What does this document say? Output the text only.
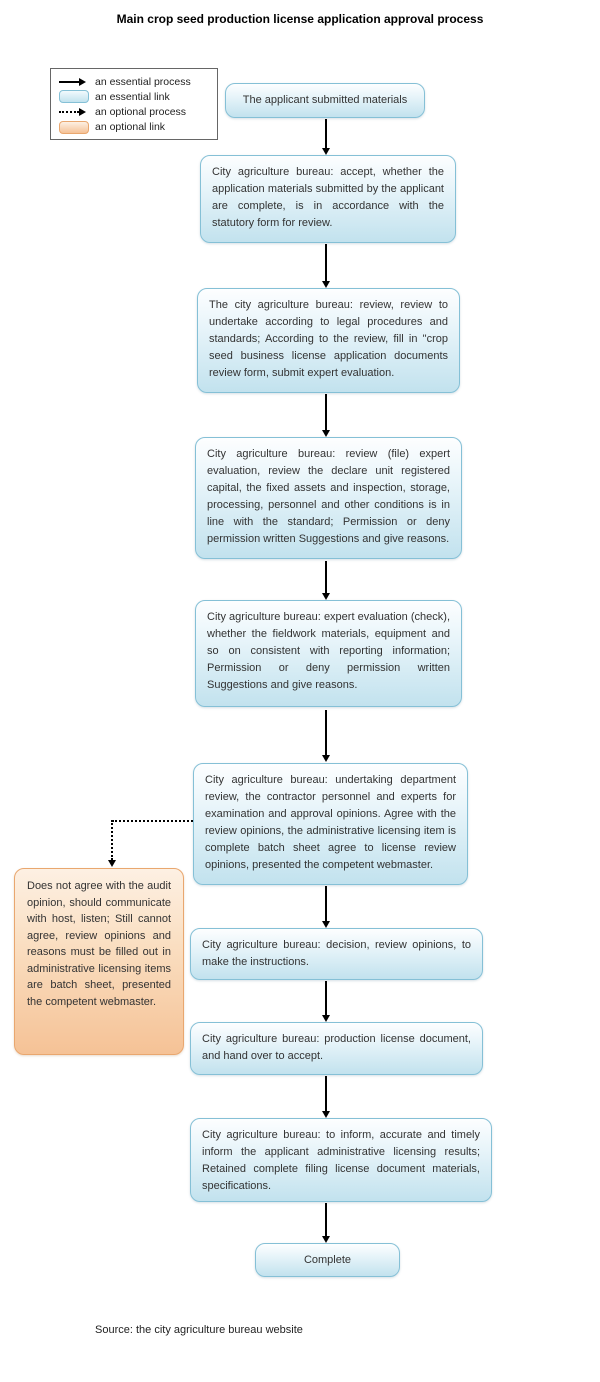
Main crop seed production license application approval process
an essential process
an essential link
an optional process
an optional link
The applicant submitted materials
City agriculture bureau: accept, whether the application materials submitted by the applicant are complete, is in accordance with the statutory form for review.
The city agriculture bureau: review, review to undertake according to legal procedures and standards; According to the review, fill in "crop seed business license application documents review form, submit expert evaluation.
City agriculture bureau: review (file) expert evaluation, review the declare unit registered capital, the fixed assets and inspection, storage, processing, personnel and other conditions is in line with the standard; Permission or deny permission written Suggestions and give reasons.
City agriculture bureau: expert evaluation (check), whether the fieldwork materials, equipment and so on consistent with reporting information; Permission or deny permission written Suggestions and give reasons.
City agriculture bureau: undertaking department review, the contractor personnel and experts for examination and approval opinions. Agree with the review opinions, the administrative licensing item is complete batch sheet agree to license review opinions, presented the competent webmaster.
Does not agree with the audit opinion, should communicate with host, listen; Still cannot agree, review opinions and reasons must be filled out in administrative licensing items are batch sheet, presented the competent webmaster.
City agriculture bureau: decision, review opinions, to make the instructions.
City agriculture bureau: production license document, and hand over to accept.
City agriculture bureau: to inform, accurate and timely inform the applicant administrative licensing results; Retained complete filing license document materials, specifications.
Complete
Source: the city agriculture bureau website
